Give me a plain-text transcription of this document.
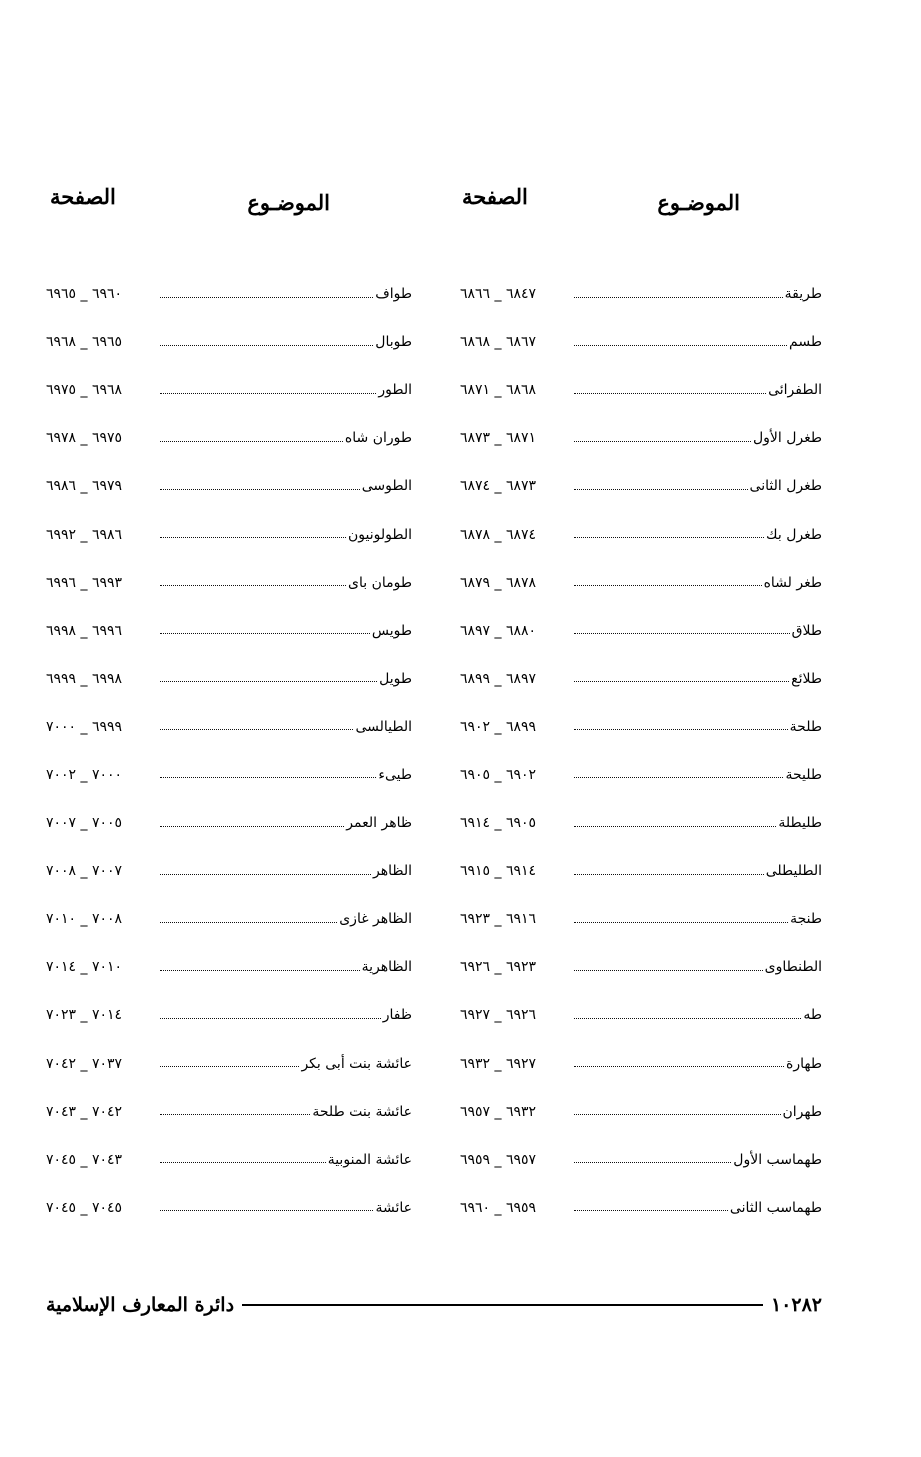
الموضـوع
الصفحة
طريقة
٦٨٤٧ _ ٦٨٦٦
طسم
٦٨٦٧ _ ٦٨٦٨
الطفرائى
٦٨٦٨ _ ٦٨٧١
طغرل الأول
٦٨٧١ _ ٦٨٧٣
طغرل الثانى
٦٨٧٣ _ ٦٨٧٤
طغرل بك
٦٨٧٤ _ ٦٨٧٨
طغر لشاه
٦٨٧٨ _ ٦٨٧٩
طلاق
٦٨٨٠ _ ٦٨٩٧
طلائع
٦٨٩٧ _ ٦٨٩٩
طلحة
٦٨٩٩ _ ٦٩٠٢
طليحة
٦٩٠٢ _ ٦٩٠٥
طليطلة
٦٩٠٥ _ ٦٩١٤
الطليطلى
٦٩١٤ _ ٦٩١٥
طنجة
٦٩١٦ _ ٦٩٢٣
الطنطاوى
٦٩٢٣ _ ٦٩٢٦
طه
٦٩٢٦ _ ٦٩٢٧
طهارة
٦٩٢٧ _ ٦٩٣٢
طهران
٦٩٣٢ _ ٦٩٥٧
طهماسب الأول
٦٩٥٧ _ ٦٩٥٩
طهماسب الثانى
٦٩٥٩ _ ٦٩٦٠
الموضـوع
الصفحة
طواف
٦٩٦٠ _ ٦٩٦٥
طوبال
٦٩٦٥ _ ٦٩٦٨
الطور
٦٩٦٨ _ ٦٩٧٥
طوران شاه
٦٩٧٥ _ ٦٩٧٨
الطوسى
٦٩٧٩ _ ٦٩٨٦
الطولونيون
٦٩٨٦ _ ٦٩٩٢
طومان باى
٦٩٩٣ _ ٦٩٩٦
طويس
٦٩٩٦ _ ٦٩٩٨
طويل
٦٩٩٨ _ ٦٩٩٩
الطيالسى
٦٩٩٩ _ ٧٠٠٠
طيىء
٧٠٠٠ _ ٧٠٠٢
ظاهر العمر
٧٠٠٥ _ ٧٠٠٧
الظاهر
٧٠٠٧ _ ٧٠٠٨
الظاهر غازى
٧٠٠٨ _ ٧٠١٠
الظاهرية
٧٠١٠ _ ٧٠١٤
ظفار
٧٠١٤ _ ٧٠٢٣
عائشة بنت أبى بكر
٧٠٣٧ _ ٧٠٤٢
عائشة بنت طلحة
٧٠٤٢ _ ٧٠٤٣
عائشة المنوبية
٧٠٤٣ _ ٧٠٤٥
عائشة
٧٠٤٥ _ ٧٠٤٥
١٠٢٨٢
دائرة المعارف الإسلامية
